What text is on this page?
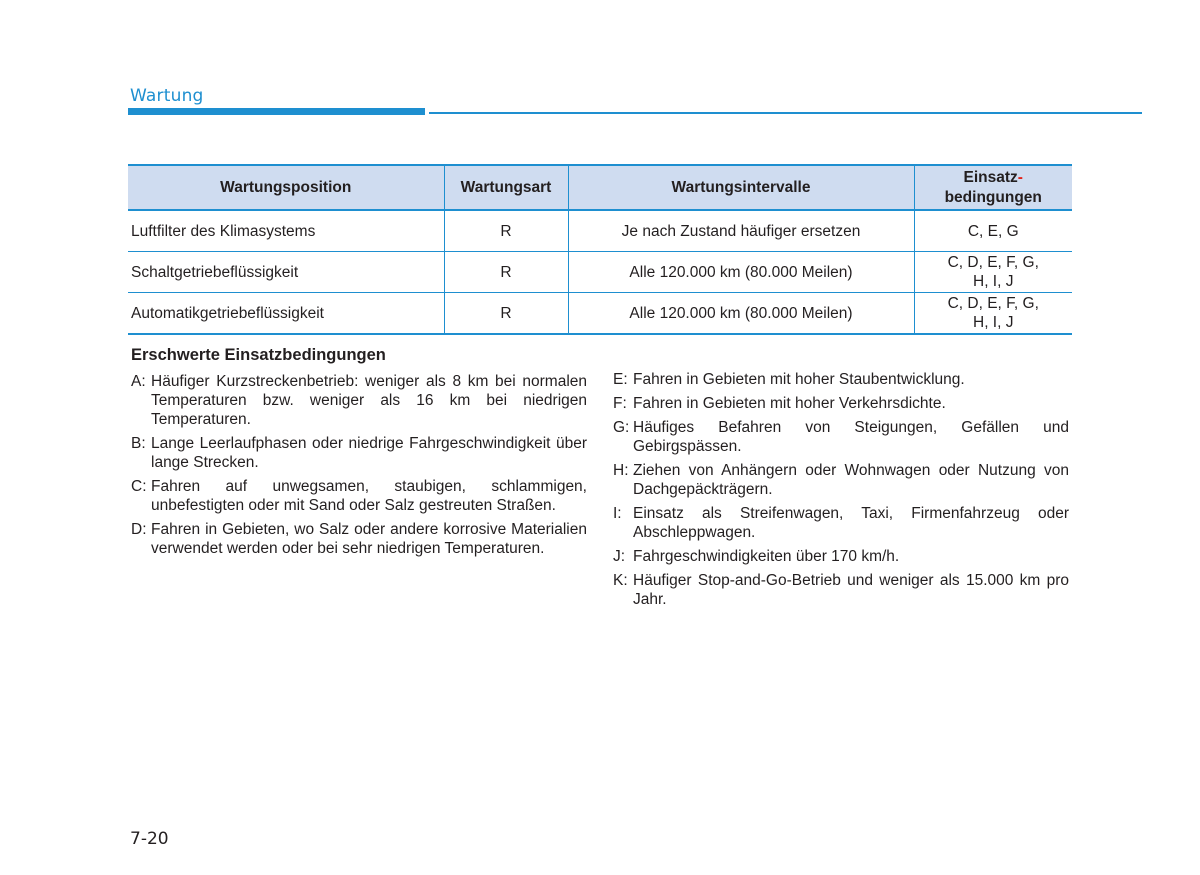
Wartung
Wartungsposition	Wartungsart	Wartungsintervalle	Einsatz-
bedingungen
Luftfilter des Klimasystems	R	Je nach Zustand häufiger ersetzen	C, E, G
Schaltgetriebeflüssigkeit	R	Alle 120.000 km (80.000 Meilen)	C, D, E, F, G,
H, I, J
Automatikgetriebeflüssigkeit	R	Alle 120.000 km (80.000 Meilen)	C, D, E, F, G,
H, I, J
Erschwerte Einsatzbedingungen
A: Häufiger Kurzstreckenbetrieb: weniger als 8 km bei normalen Temperaturen bzw. weniger als 16 km bei niedrigen Temperaturen.
B: Lange Leerlaufphasen oder niedrige Fahrgeschwindigkeit über lange Strecken.
C: Fahren auf unwegsamen, staubigen, schlammigen, unbefestigten oder mit Sand oder Salz gestreuten Straßen.
D: Fahren in Gebieten, wo Salz oder andere korrosive Materialien verwendet werden oder bei sehr niedrigen Temperaturen.
E: Fahren in Gebieten mit hoher Staubentwicklung.
F: Fahren in Gebieten mit hoher Verkehrsdichte.
G: Häufiges Befahren von Steigungen, Gefällen und Gebirgspässen.
H: Ziehen von Anhängern oder Wohnwagen oder Nutzung von Dachgepäckträgern.
I: Einsatz als Streifenwagen, Taxi, Firmenfahrzeug oder Abschleppwagen.
J: Fahrgeschwindigkeiten über 170 km/h.
K: Häufiger Stop-and-Go-Betrieb und weniger als 15.000 km pro Jahr.
7-20
